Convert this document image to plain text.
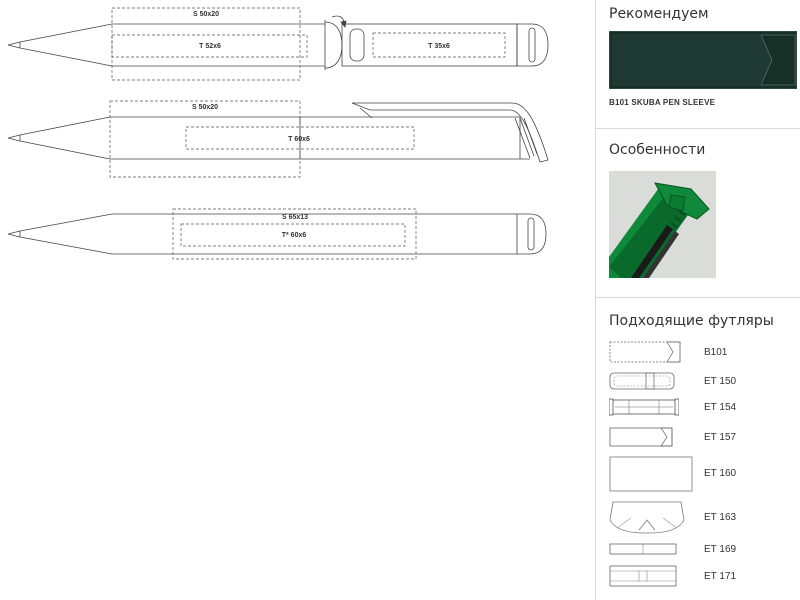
S 50x20
T 52x6	T 35x6
S 50x20
T 60x6
S 65x13
T* 60x6
Рекомендуем
B101 SKUBA PEN SLEEVE
Особенности
Подходящие футляры
B101
ET 150
ET 154
ET 157
ET 160
ET 163
ET 169
ET 171
